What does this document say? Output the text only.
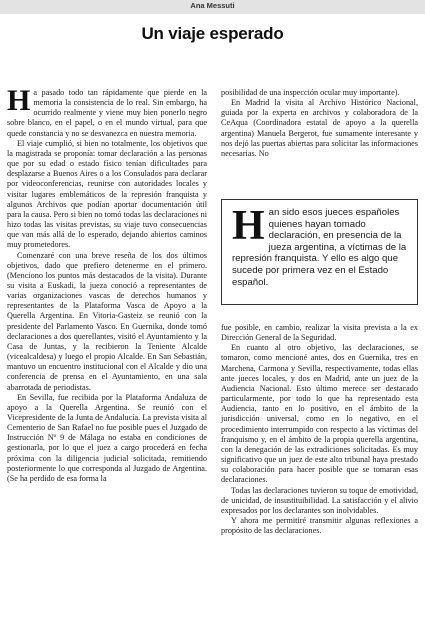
Ana Messuti
Un viaje esperado

Ha pasado todo tan rápidamente que pierde en la memoria la consistencia de lo real. Sin embargo, ha ocurrido realmente y viene muy bien ponerlo negro sobre blanco, en el papel, o en el mundo virtual, para que quede constancia y no se desvanezca en nuestra memoria.

El viaje cumplió, si bien no totalmente, los objetivos que la magistrada se proponía: tomar declaración a las personas que por su edad o estado físico tenían dificultades para desplazarse a Buenos Aires o a los Consulados para declarar por videoconferencias, reunirse con autoridades locales y visitar lugares emblemáticos de la represión franquista y algunos Archivos que podían aportar documentación útil para la causa. Pero si bien no tomó todas las declaraciones ni hizo todas las visitas previstas, su viaje tuvo consecuencias que van más allá de lo esperado, dejando abiertos caminos muy prometedores.

Comenzaré con una breve reseña de los dos últimos objetivos, dado que prefiero detenerme en el primero. (Menciono los puntos más destacados de la visita). Durante su visita a Euskadi, la jueza conoció a representantes de varias organizaciones vascas de derechos humanos y representantes de la Plataforma Vasca de Apoyo a la Querella Argentina. En Vitoria-Gasteiz se reunió con la presidente del Parlamento Vasco. En Guernika, donde tomó declaraciones a dos querellantes, visitó el Ayuntamiento y la Casa de Juntas, y la recibieron la Teniente Alcalde (vicealcaldesa) y luego el propio Alcalde. En San Sebastián, mantuvo un encuentro institucional con el Alcalde y dio una conferencia de prensa en el Ayuntamiento, en una sala abarrotada de periodistas.

En Sevilla, fue recibida por la Plataforma Andaluza de apoyo a la Querella Argentina. Se reunió con el Vicepresidente de la Junta de Andalucía. La prevista visita al Cementerio de San Rafael no fue posible pues el Juzgado de Instrucción Nº 9 de Málaga no estaba en condiciones de gestionarla, por lo que el juez a cargo procederá en fecha próxima con la diligencia judicial solicitada, remitiendo posteriormente lo que corresponda al Juzgado de Argentina. (Se ha perdido de esa forma la

posibilidad de una inspección ocular muy importante).

En Madrid la visita al Archivo Histórico Nacional, guiada por la experta en archivos y colaboradora de la CeAqua (Coordinadora estatal de apoyo a la querella argentina) Manuela Bergerot, fue sumamente interesante y nos dejó las puertas abiertas para solicitar las informaciones necesarias. No

Han sido esos jueces españoles quienes hayan tomado declaración, en presencia de la jueza argentina, a víctimas de la represión franquista. Y ello es algo que sucede por primera vez en el Estado español.

fue posible, en cambio, realizar la visita prevista a la ex Dirección General de la Seguridad.

En cuanto al otro objetivo, las declaraciones, se tomaron, como mencioné antes, dos en Guernika, tres en Marchena, Carmona y Sevilla, respectivamente, todas ellas ante jueces locales, y dos en Madrid, ante un juez de la Audiencia Nacional. Esto último merece ser destacado particularmente, por todo lo que ha representado esta Audiencia, tanto en lo positivo, en el ámbito de la jurisdicción universal, como en lo negativo, en el procedimiento interrumpido con respecto a las víctimas del franquismo y, en el ámbito de la propia querella argentina, con la denegación de las extradiciones solicitadas. Es muy significativo que un juez de este alto tribunal haya prestado su colaboración para hacer posible que se tomaran esas declaraciones.

Todas las declaraciones tuvieron su toque de emotividad, de unicidad, de insustituibilidad. La satisfacción y el alivio expresados por los declarantes son inolvidables.

Y ahora me permitiré transmitir algunas reflexiones a propósito de las declaraciones.
